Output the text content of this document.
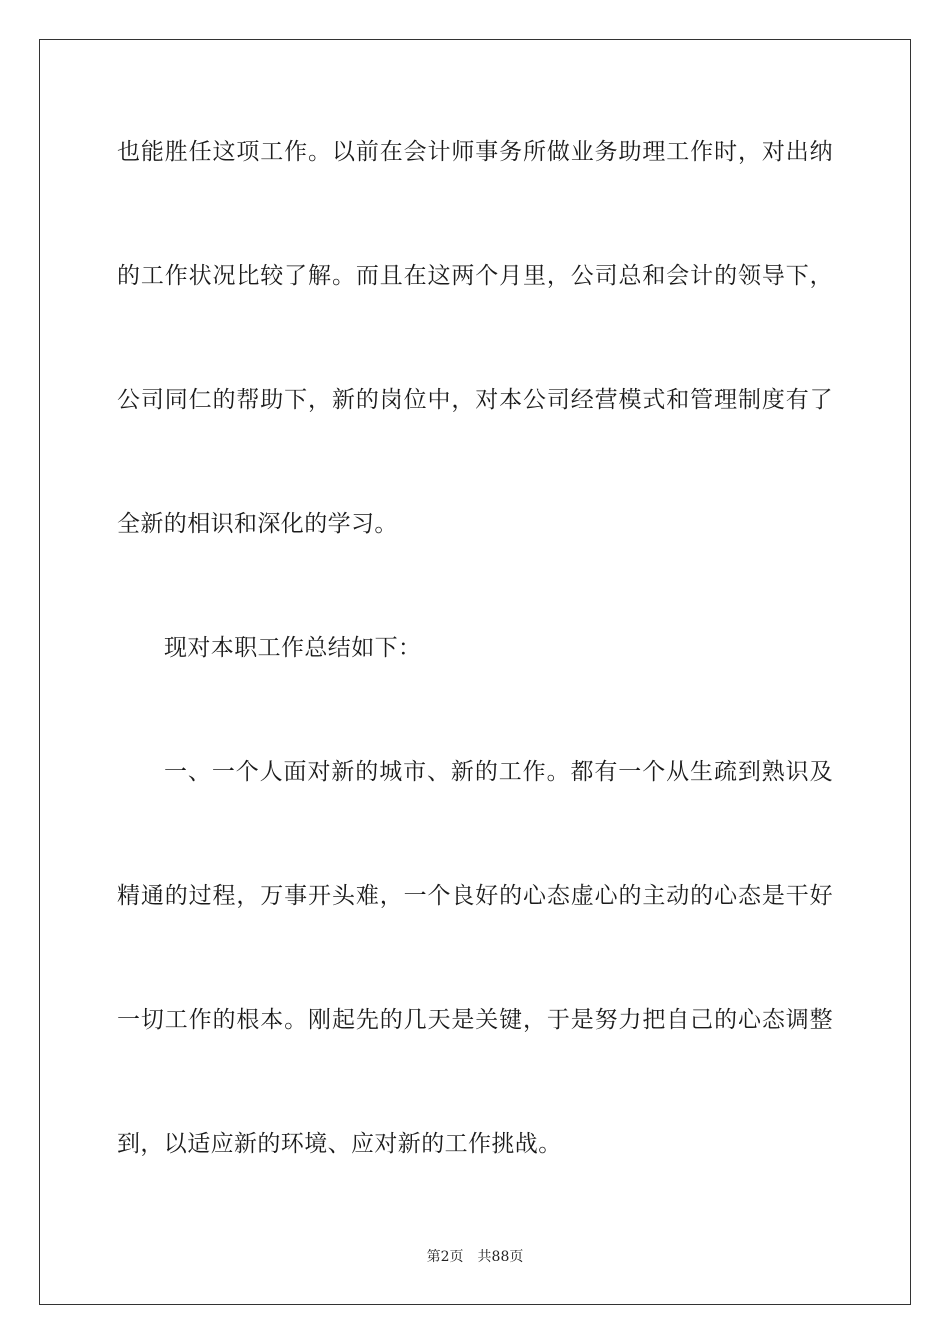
也能胜任这项工作。以前在会计师事务所做业务助理工作时，对出纳
的工作状况比较了解。而且在这两个月里，公司总和会计的领导下，
公司同仁的帮助下，新的岗位中，对本公司经营模式和管理制度有了
全新的相识和深化的学习。
现对本职工作总结如下：
一、一个人面对新的城市、新的工作。都有一个从生疏到熟识及
精通的过程，万事开头难，一个良好的心态虚心的主动的心态是干好
一切工作的根本。刚起先的几天是关键，于是努力把自己的心态调整
到，以适应新的环境、应对新的工作挑战。
第2页 共88页
